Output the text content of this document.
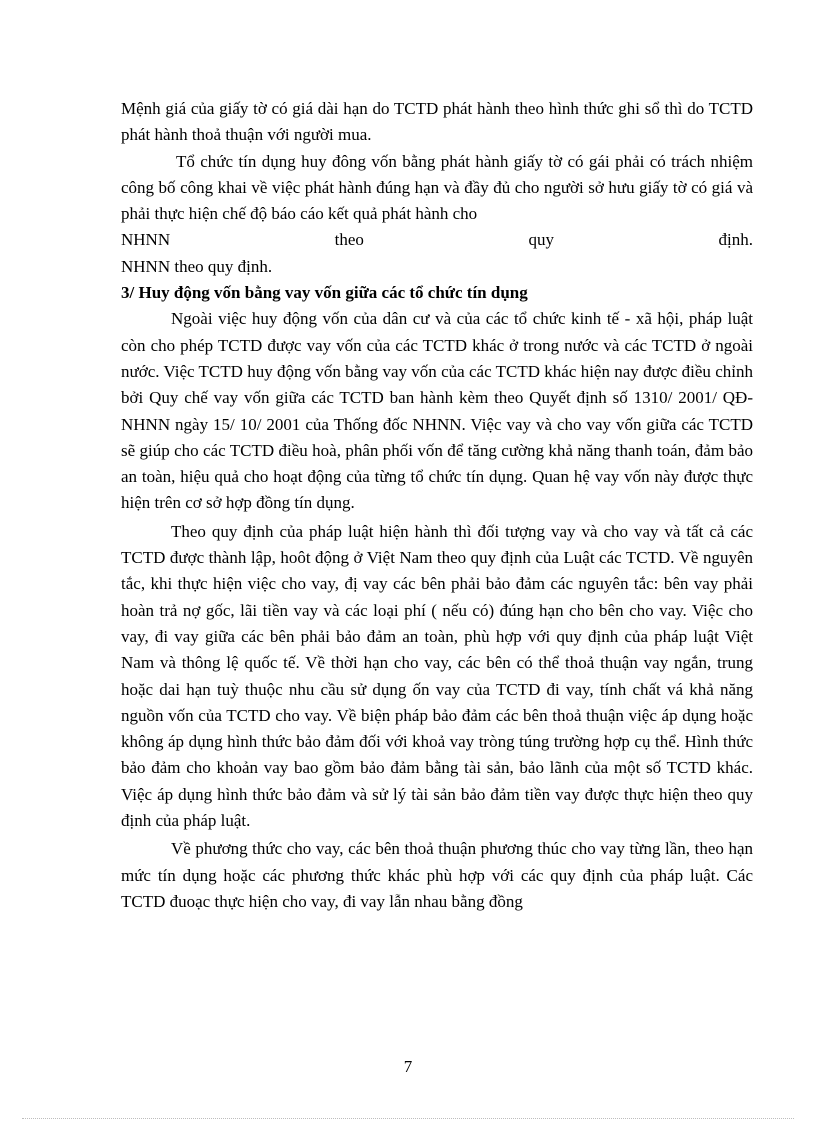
Mệnh giá của giấy tờ có giá dài hạn do TCTD phát hành theo hình thức ghi sổ thì do TCTD phát hành thoả thuận với người mua.

Tổ chức tín dụng huy đông vốn bằng phát hành giấy tờ có gái phải có trách nhiệm công bố công khai về việc phát hành đúng hạn và đầy đủ cho người sở hưu giấy tờ có giá và phải thực hiện chế độ báo cáo kết quả phát hành cho

NHNN	theo	quy	định.

NHNN theo quy định.

3/ Huy động vốn bằng vay vốn giữa các tổ chức tín dụng

Ngoài việc huy động vốn của dân cư và của các tổ chức kinh tế - xã hội, pháp luật còn cho phép TCTD được vay vốn của các TCTD khác ở trong nước và các TCTD ở ngoài nước. Việc TCTD huy động vốn bằng vay vốn của các TCTD khác hiện nay được điều chỉnh bởi Quy chế vay vốn giữa các TCTD ban hành kèm theo Quyết định số 1310/ 2001/ QĐ-NHNN ngày 15/ 10/ 2001 của Thống đốc NHNN. Việc vay và cho vay vốn giữa các TCTD sẽ giúp cho các TCTD điều hoà, phân phối vốn để tăng cường khả năng thanh toán, đảm bảo an toàn, hiệu quả cho hoạt động của từng tổ chức tín dụng. Quan hệ vay vốn này được thực hiện trên cơ sở hợp đồng tín dụng.

Theo quy định của pháp luật hiện hành thì đối tượng vay và cho vay và tất cả các TCTD được thành lập, hoôt động ở Việt Nam theo quy định của Luật các TCTD. Về nguyên tắc, khi thực hiện việc cho vay, đị vay các bên phải bảo đảm các nguyên tắc: bên vay phải hoàn trả nợ gốc, lãi tiền vay và các loại phí ( nếu có) đúng hạn cho bên cho vay. Việc cho vay, đi vay giữa các bên phải bảo đảm an toàn, phù hợp với quy định của pháp luật Việt Nam và thông lệ quốc tế. Về thời hạn cho vay, các bên có thể thoả thuận vay ngắn, trung hoặc dai hạn tuỳ thuộc nhu cầu sử dụng ốn vay của TCTD đi vay, tính chất vá khả năng nguồn vốn của TCTD cho vay. Về biện pháp bảo đảm các bên thoả thuận việc áp dụng hoặc không áp dụng hình thức bảo đảm đối với khoả vay tròng túng trường hợp cụ thể. Hình thức bảo đảm cho khoản vay bao gồm bảo đảm bằng tài sản, bảo lãnh của một số TCTD khác. Việc áp dụng hình thức bảo đảm và sử lý tài sản bảo đảm tiền vay được thực hiện theo quy định của pháp luật.

Về phương thức cho vay, các bên thoả thuận phương thúc cho vay từng lần, theo hạn mức tín dụng hoặc các phương thức khác phù hợp với các quy định của pháp luật. Các TCTD đuoạc thực hiện cho vay, đi vay lẫn nhau bằng đồng

7
